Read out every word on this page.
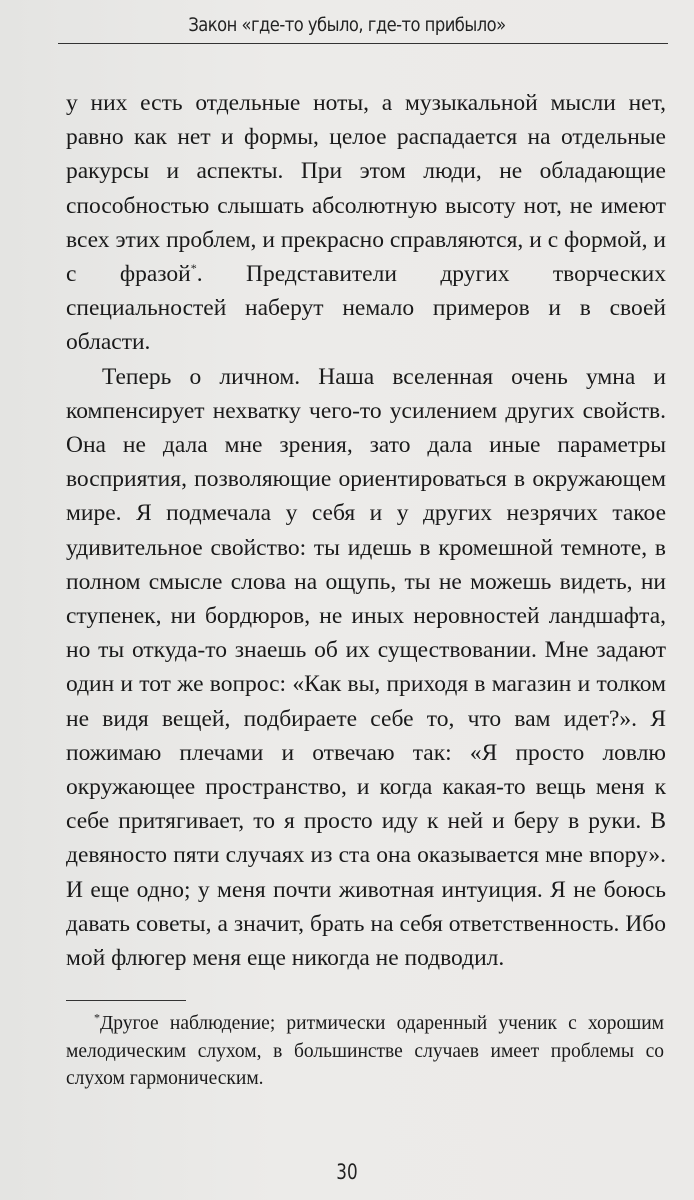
Закон «где-то убыло, где-то прибыло»

у них есть отдельные ноты, а музыкальной мысли нет, равно как нет и формы, целое распадается на отдельные ракурсы и аспекты. При этом люди, не обладающие способностью слышать абсолютную высоту нот, не имеют всех этих проблем, и прекрасно справляются, и с формой, и с фразой*. Представители других творческих специальностей наберут немало примеров и в своей области.

Теперь о личном. Наша вселенная очень умна и компенсирует нехватку чего-то усилением других свойств. Она не дала мне зрения, зато дала иные параметры восприятия, позволяющие ориентироваться в окружающем мире. Я подмечала у себя и у других незрячих такое удивительное свойство: ты идешь в кромешной темноте, в полном смысле слова на ощупь, ты не можешь видеть, ни ступенек, ни бордюров, не иных неровностей ландшафта, но ты откуда-то знаешь об их существовании. Мне задают один и тот же вопрос: «Как вы, приходя в магазин и толком не видя вещей, подбираете себе то, что вам идет?». Я пожимаю плечами и отвечаю так: «Я просто ловлю окружающее пространство, и когда какая-то вещь меня к себе притягивает, то я просто иду к ней и беру в руки. В девяносто пяти случаях из ста она оказывается мне впору». И еще одно; у меня почти животная интуиция. Я не боюсь давать советы, а значит, брать на себя ответственность. Ибо мой флюгер меня еще никогда не подводил.

*Другое наблюдение; ритмически одаренный ученик с хорошим мелодическим слухом, в большинстве случаев имеет проблемы со слухом гармоническим.

30
